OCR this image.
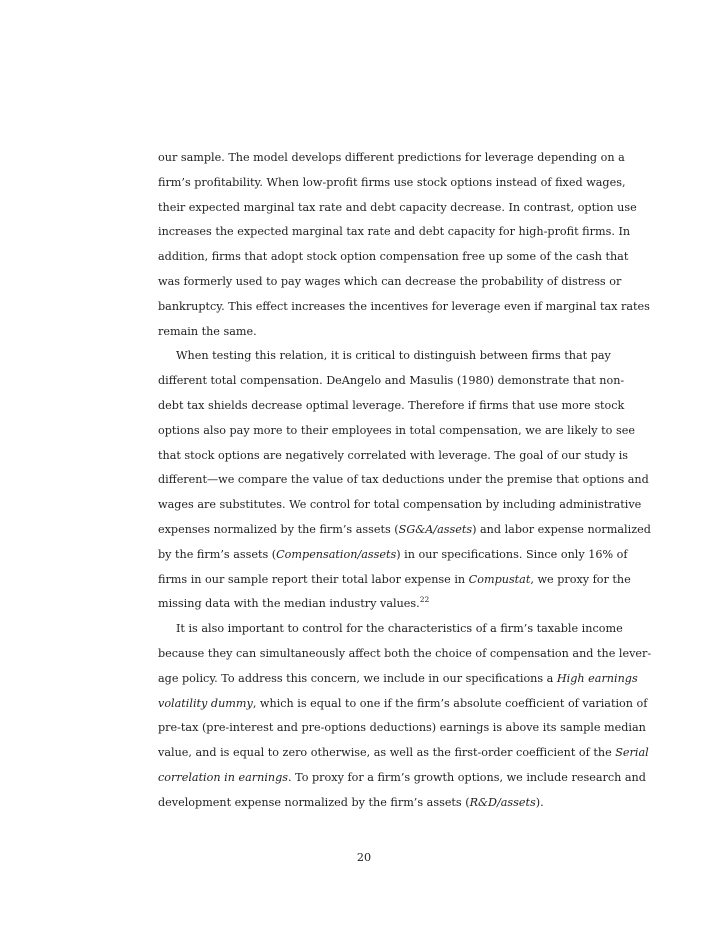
our sample. The model develops different predictions for leverage depending on a
firm’s profitability. When low-profit firms use stock options instead of fixed wages,
their expected marginal tax rate and debt capacity decrease. In contrast, option use
increases the expected marginal tax rate and debt capacity for high-profit firms. In
addition, firms that adopt stock option compensation free up some of the cash that
was formerly used to pay wages which can decrease the probability of distress or
bankruptcy. This effect increases the incentives for leverage even if marginal tax rates
remain the same.
When testing this relation, it is critical to distinguish between firms that pay
different total compensation. DeAngelo and Masulis (1980) demonstrate that non-
debt tax shields decrease optimal leverage. Therefore if firms that use more stock
options also pay more to their employees in total compensation, we are likely to see
that stock options are negatively correlated with leverage. The goal of our study is
different—we compare the value of tax deductions under the premise that options and
wages are substitutes. We control for total compensation by including administrative
expenses normalized by the firm’s assets (SG&A/assets) and labor expense normalized
by the firm’s assets (Compensation/assets) in our specifications. Since only 16% of
firms in our sample report their total labor expense in Compustat, we proxy for the
missing data with the median industry values.$^{22}$
It is also important to control for the characteristics of a firm’s taxable income
because they can simultaneously affect both the choice of compensation and the lever-
age policy. To address this concern, we include in our specifications a High earnings
volatility dummy, which is equal to one if the firm’s absolute coefficient of variation of
pre-tax (pre-interest and pre-options deductions) earnings is above its sample median
value, and is equal to zero otherwise, as well as the first-order coefficient of the Serial
correlation in earnings. To proxy for a firm’s growth options, we include research and
development expense normalized by the firm’s assets (R&D/assets).
20
